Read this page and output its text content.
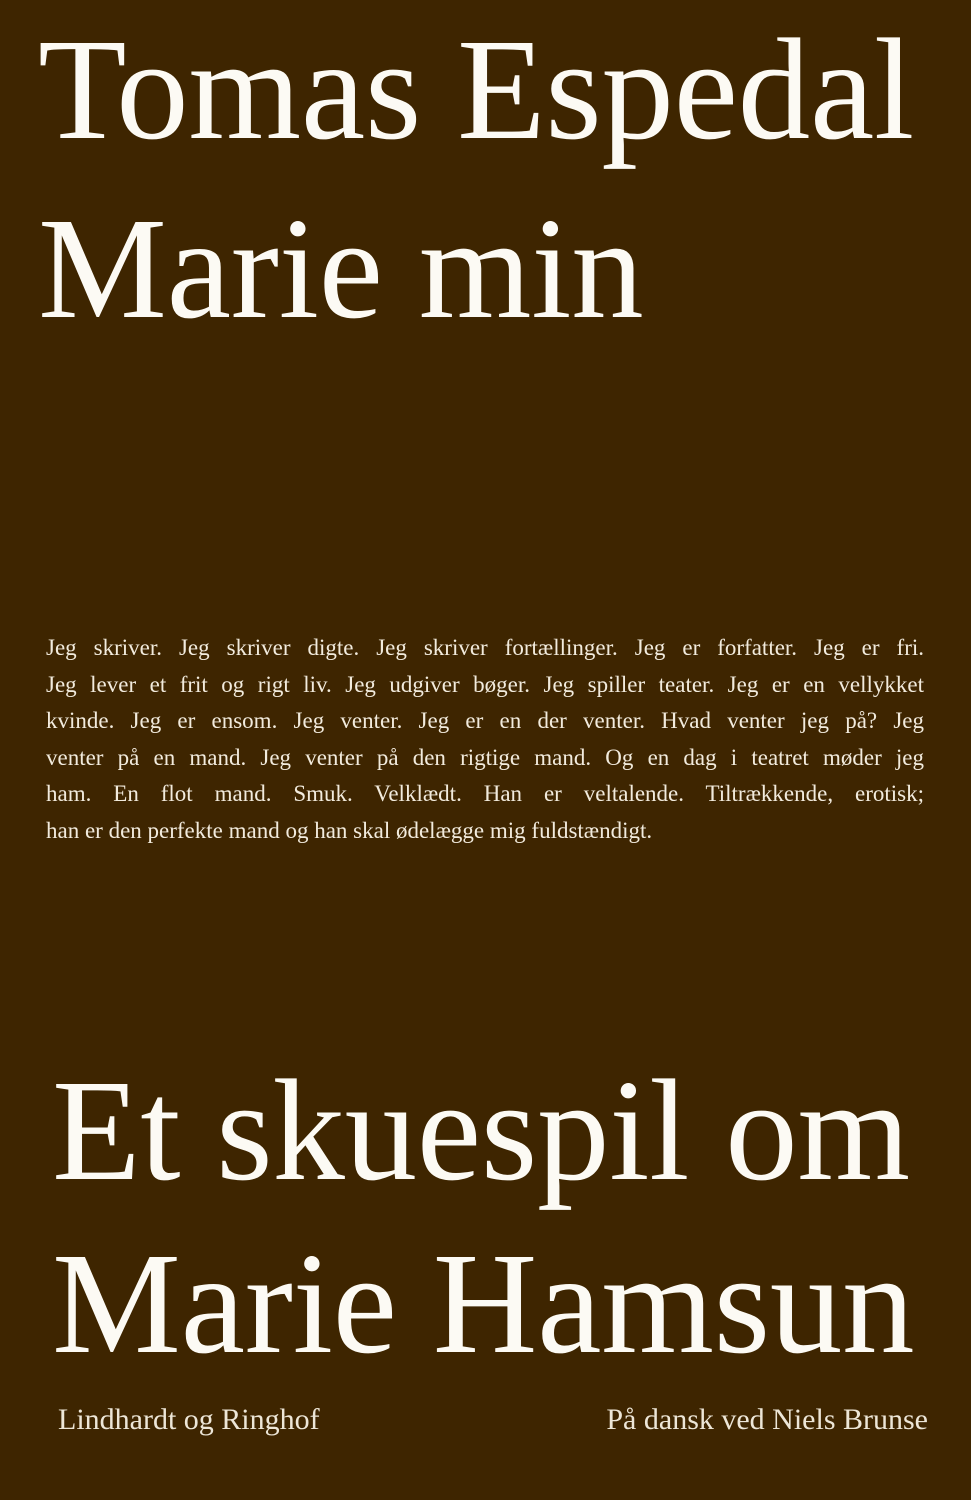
Tomas Espedal
Marie min
Jeg skriver. Jeg skriver digte. Jeg skriver fortællinger. Jeg er forfatter. Jeg er fri.
Jeg lever et frit og rigt liv. Jeg udgiver bøger. Jeg spiller teater. Jeg er en vellykket
kvinde. Jeg er ensom. Jeg venter. Jeg er en der venter. Hvad venter jeg på? Jeg
venter på en mand. Jeg venter på den rigtige mand. Og en dag i teatret møder jeg
ham. En flot mand. Smuk. Velklædt. Han er veltalende. Tiltrækkende, erotisk;
han er den perfekte mand og han skal ødelægge mig fuldstændigt.
Et skuespil om
Marie Hamsun
Lindhardt og Ringhof	På dansk ved Niels Brunse
